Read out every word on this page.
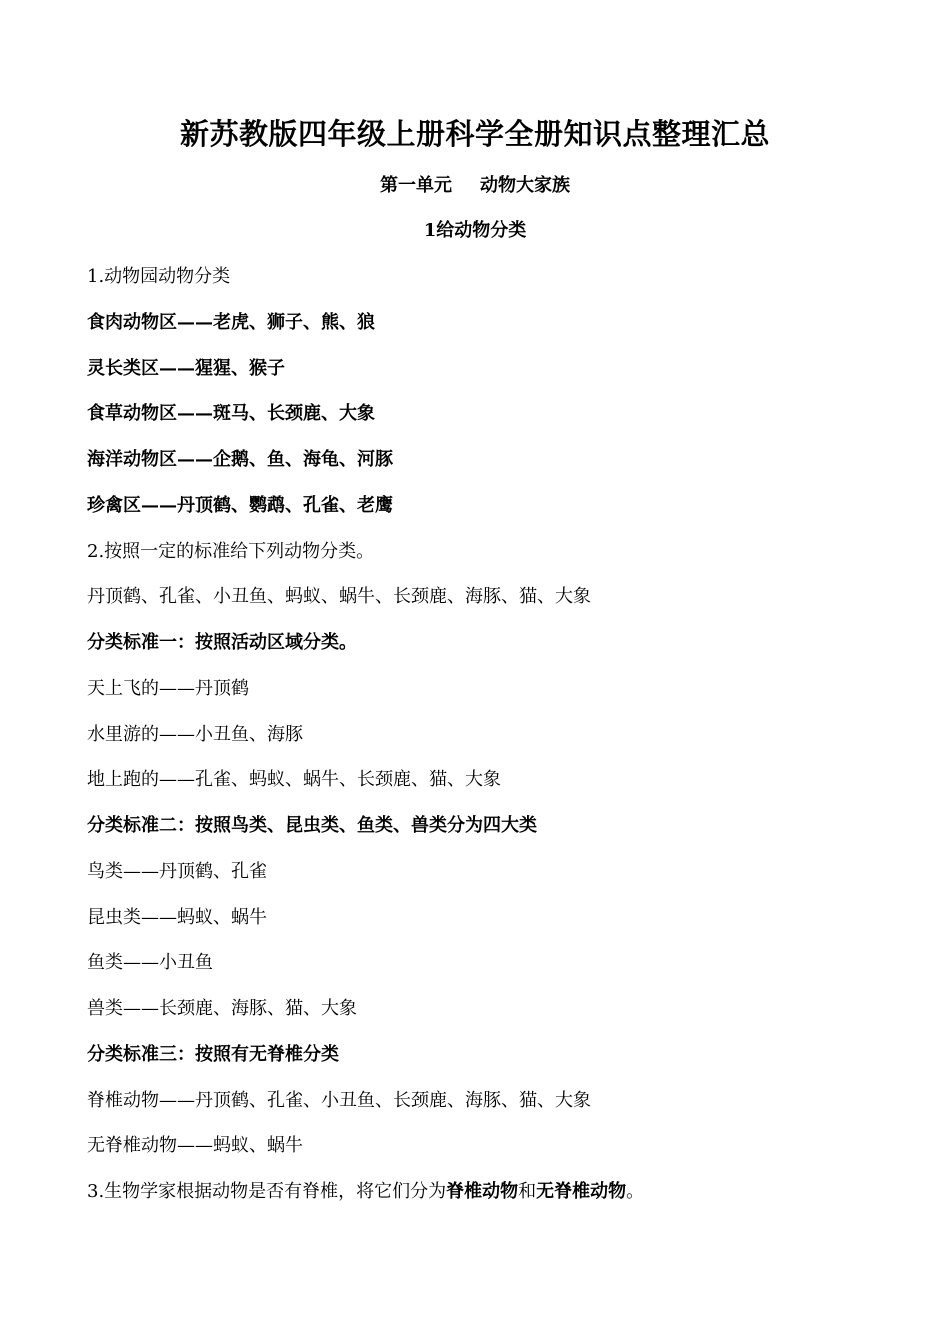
新苏教版四年级上册科学全册知识点整理汇总
第一单元 动物大家族
1给动物分类
1.动物园动物分类
食肉动物区——老虎、狮子、熊、狼
灵长类区——猩猩、猴子
食草动物区——斑马、长颈鹿、大象
海洋动物区——企鹅、鱼、海龟、河豚
珍禽区——丹顶鹤、鹦鹉、孔雀、老鹰
2.按照一定的标准给下列动物分类。
丹顶鹤、孔雀、小丑鱼、蚂蚁、蜗牛、长颈鹿、海豚、猫、大象
分类标准一：按照活动区域分类。
天上飞的——丹顶鹤
水里游的——小丑鱼、海豚
地上跑的——孔雀、蚂蚁、蜗牛、长颈鹿、猫、大象
分类标准二：按照鸟类、昆虫类、鱼类、兽类分为四大类
鸟类——丹顶鹤、孔雀
昆虫类——蚂蚁、蜗牛
鱼类——小丑鱼
兽类——长颈鹿、海豚、猫、大象
分类标准三：按照有无脊椎分类
脊椎动物——丹顶鹤、孔雀、小丑鱼、长颈鹿、海豚、猫、大象
无脊椎动物——蚂蚁、蜗牛
3.生物学家根据动物是否有脊椎，将它们分为脊椎动物和无脊椎动物。
